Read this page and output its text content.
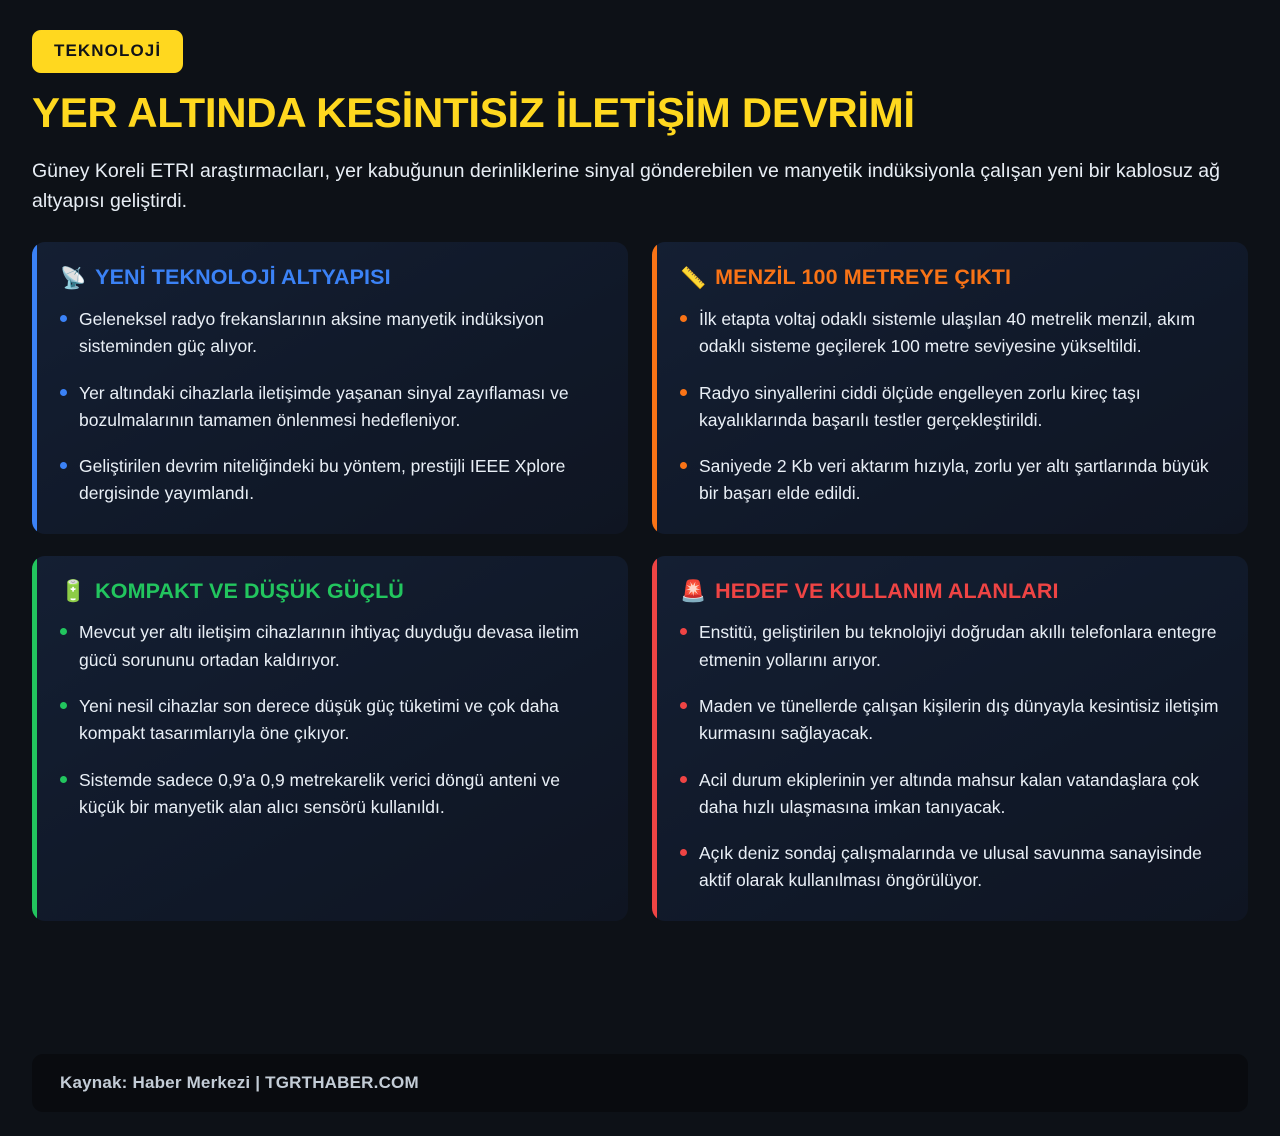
TEKNOLOJİ
YER ALTINDA KESİNTİSİZ İLETİŞİM DEVRİMİ

Güney Koreli ETRI araştırmacıları, yer kabuğunun derinliklerine sinyal gönderebilen ve manyetik indüksiyonla çalışan yeni bir kablosuz ağ altyapısı geliştirdi.

📡 YENİ TEKNOLOJİ ALTYAPISI
Geleneksel radyo frekanslarının aksine manyetik indüksiyon sisteminden güç alıyor.
Yer altındaki cihazlarla iletişimde yaşanan sinyal zayıflaması ve bozulmalarının tamamen önlenmesi hedefleniyor.
Geliştirilen devrim niteliğindeki bu yöntem, prestijli IEEE Xplore dergisinde yayımlandı.
📏 MENZİL 100 METREYE ÇIKTI
İlk etapta voltaj odaklı sistemle ulaşılan 40 metrelik menzil, akım odaklı sisteme geçilerek 100 metre seviyesine yükseltildi.
Radyo sinyallerini ciddi ölçüde engelleyen zorlu kireç taşı kayalıklarında başarılı testler gerçekleştirildi.
Saniyede 2 Kb veri aktarım hızıyla, zorlu yer altı şartlarında büyük bir başarı elde edildi.
🔋 KOMPAKT VE DÜŞÜK GÜÇLÜ
Mevcut yer altı iletişim cihazlarının ihtiyaç duyduğu devasa iletim gücü sorununu ortadan kaldırıyor.
Yeni nesil cihazlar son derece düşük güç tüketimi ve çok daha kompakt tasarımlarıyla öne çıkıyor.
Sistemde sadece 0,9'a 0,9 metrekarelik verici döngü anteni ve küçük bir manyetik alan alıcı sensörü kullanıldı.
🚨 HEDEF VE KULLANIM ALANLARI
Enstitü, geliştirilen bu teknolojiyi doğrudan akıllı telefonlara entegre etmenin yollarını arıyor.
Maden ve tünellerde çalışan kişilerin dış dünyayla kesintisiz iletişim kurmasını sağlayacak.
Acil durum ekiplerinin yer altında mahsur kalan vatandaşlara çok daha hızlı ulaşmasına imkan tanıyacak.
Açık deniz sondaj çalışmalarında ve ulusal savunma sanayisinde aktif olarak kullanılması öngörülüyor.
Kaynak: Haber Merkezi | TGRTHABER.COM
